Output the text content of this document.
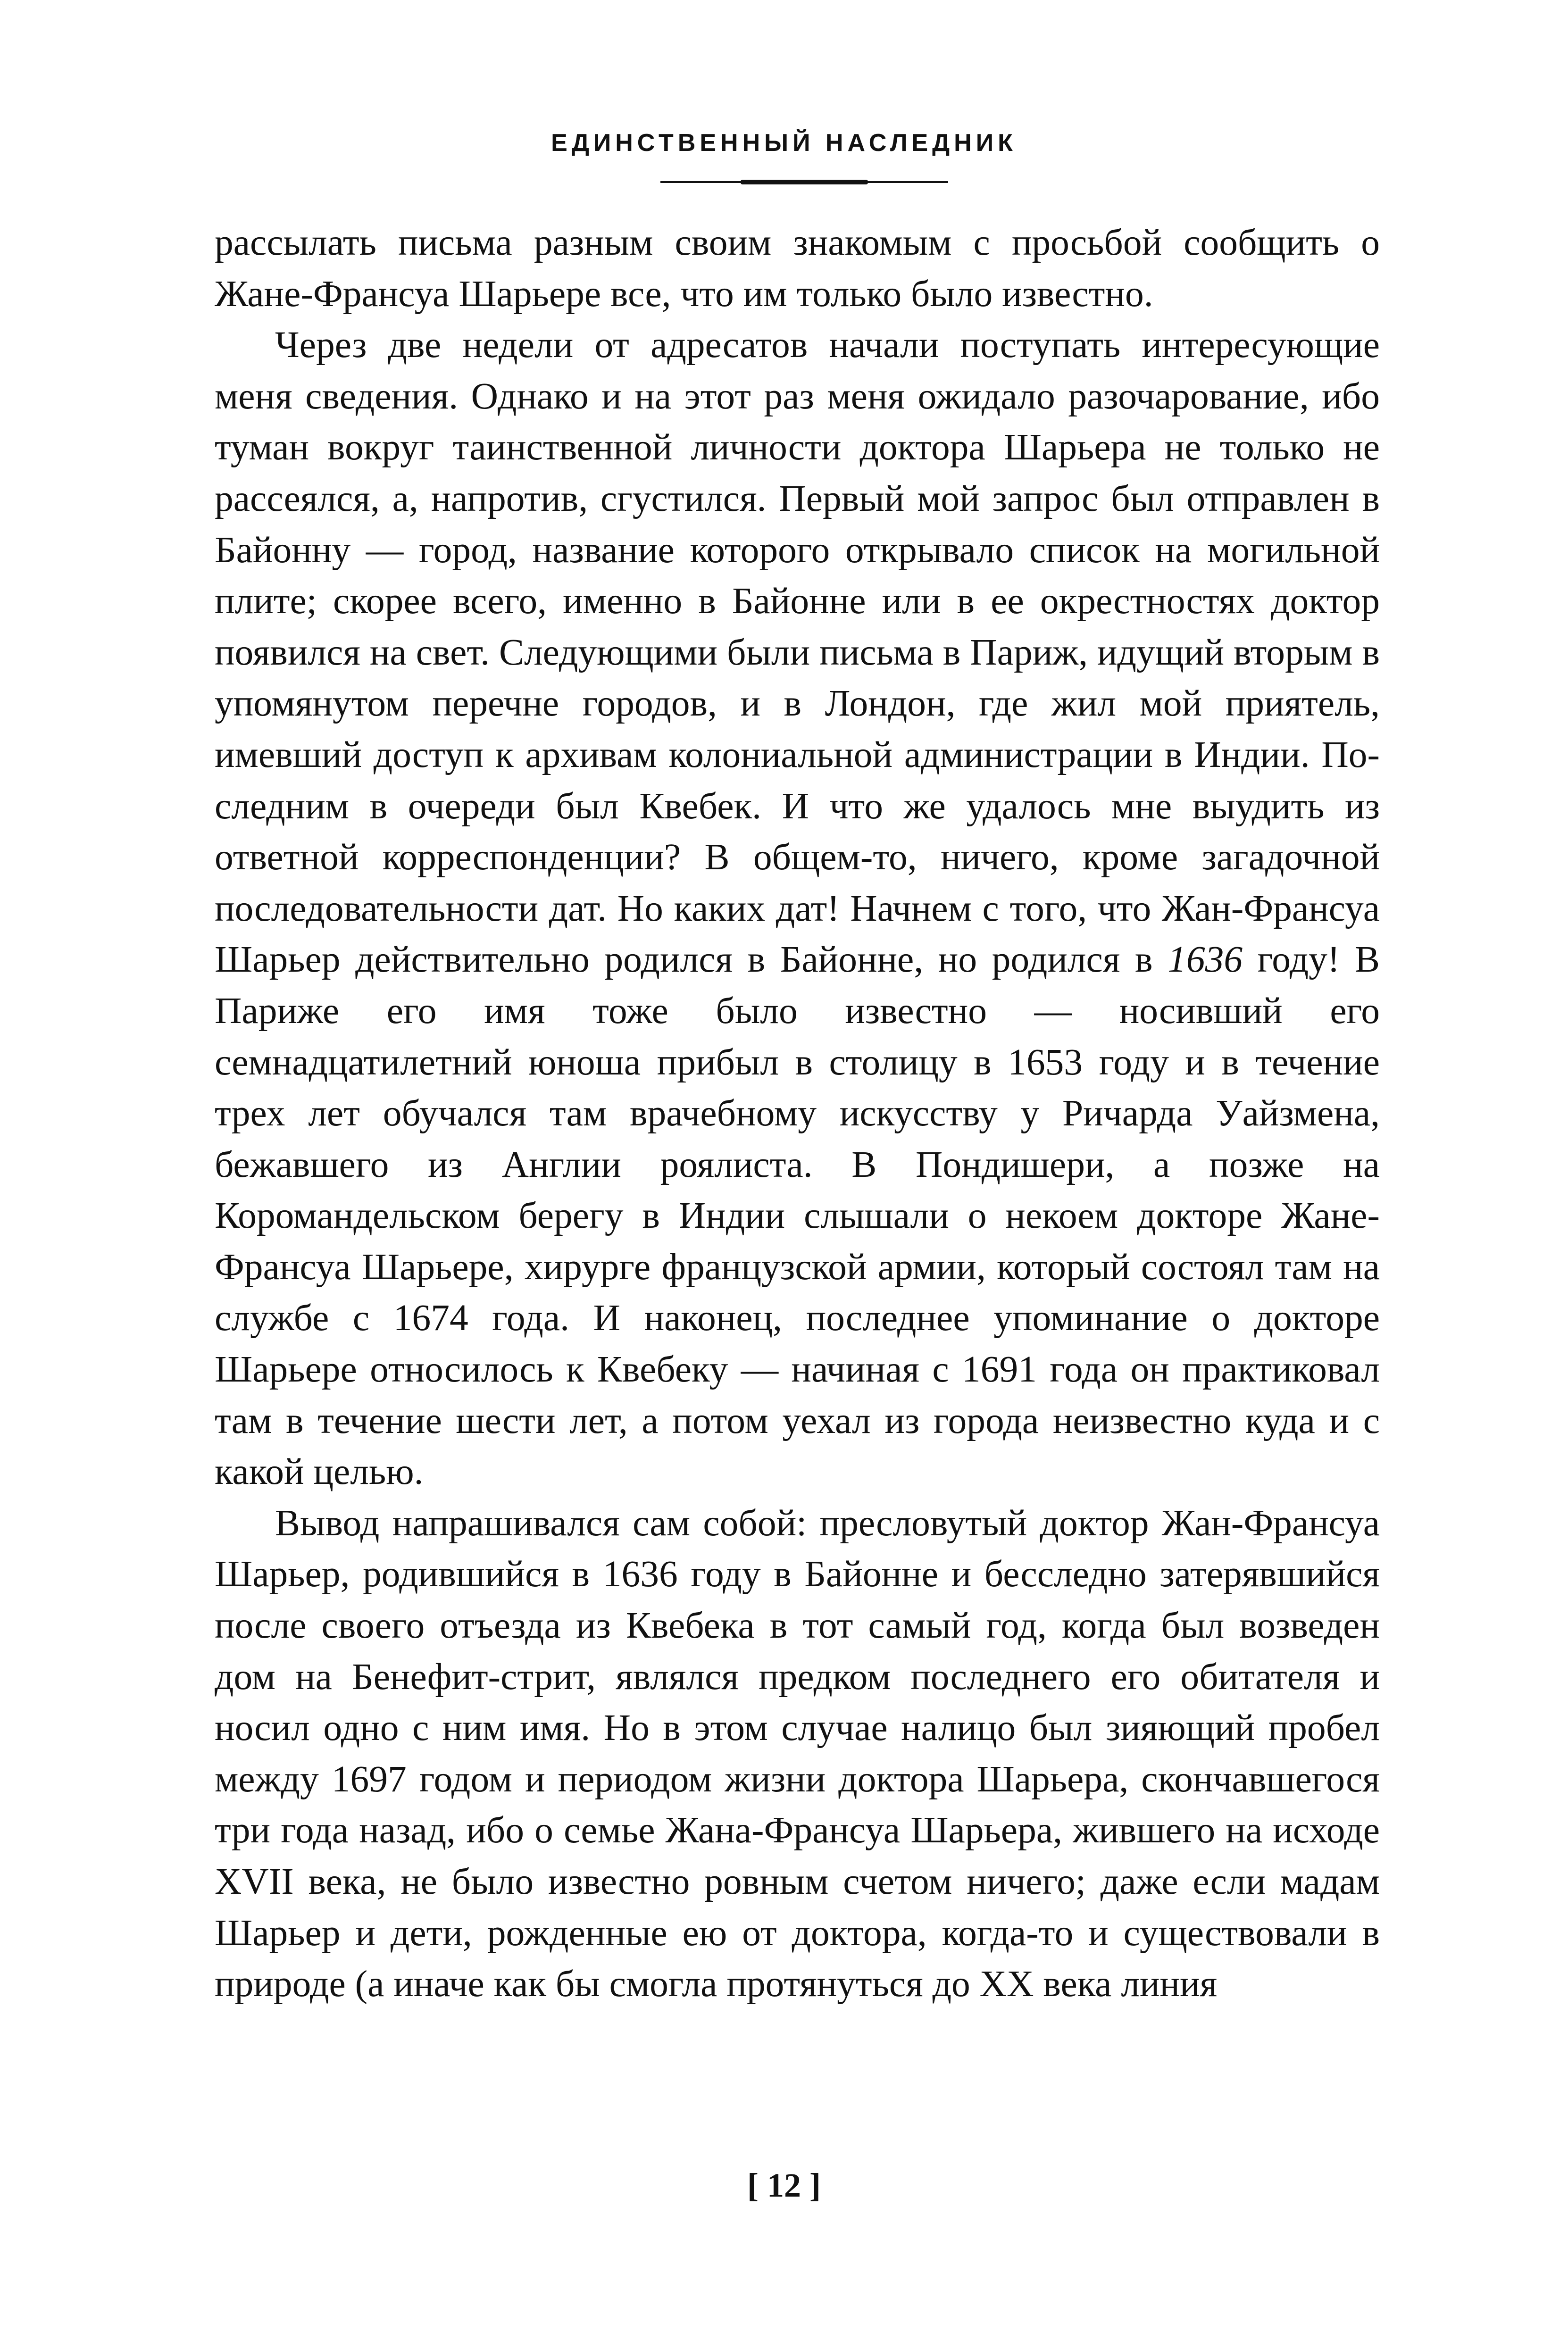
ЕДИНСТВЕННЫЙ НАСЛЕДНИК

рассылать письма разным своим знакомым с просьбой сообщить о Жане-Франсуа Шарьере все, что им только было известно.

Через две недели от адресатов начали поступать интересующие меня сведения. Однако и на этот раз меня ожидало разочарование, ибо туман вокруг таинственной личности доктора Шарьера не только не рассеялся, а, напротив, сгустился. Первый мой запрос был отправлен в Байонну — город, название которого открывало список на могильной плите; скорее всего, именно в Байонне или в ее окрестностях доктор появился на свет. Следующими были письма в Париж, идущий вторым в упомянутом перечне городов, и в Лондон, где жил мой приятель, имевший доступ к архивам колониальной администрации в Индии. Последним в очереди был Квебек. И что же удалось мне выудить из ответной корреспонденции? В общем-то, ничего, кроме загадочной последовательности дат. Но каких дат! Начнем с того, что Жан-Франсуа Шарьер действительно родился в Байонне, но родился в 1636 году! В Париже его имя тоже было известно — носивший его семнадцатилетний юноша прибыл в столицу в 1653 году и в течение трех лет обучался там врачебному искусству у Ричарда Уайзмена, бежавшего из Англии роялиста. В Пондишери, а позже на Коромандельском берегу в Индии слышали о некоем докторе Жане-Франсуа Шарьере, хирурге французской армии, который состоял там на службе с 1674 года. И наконец, последнее упоминание о докторе Шарьере относилось к Квебеку — начиная с 1691 года он практиковал там в течение шести лет, а потом уехал из города неизвестно куда и с какой целью.

Вывод напрашивался сам собой: пресловутый доктор Жан-Франсуа Шарьер, родившийся в 1636 году в Байонне и бесследно затерявшийся после своего отъезда из Квебека в тот самый год, когда был возведен дом на Бенефит-стрит, являлся предком последнего его обитателя и носил одно с ним имя. Но в этом случае налицо был зияющий пробел между 1697 годом и периодом жизни доктора Шарьера, скончавшегося три года назад, ибо о семье Жана-Франсуа Шарьера, жившего на исходе XVII века, не было известно ровным счетом ничего; даже если мадам Шарьер и дети, рожденные ею от доктора, когда-то и существовали в природе (а иначе как бы смогла протянуться до XX века линия

[ 12 ]
